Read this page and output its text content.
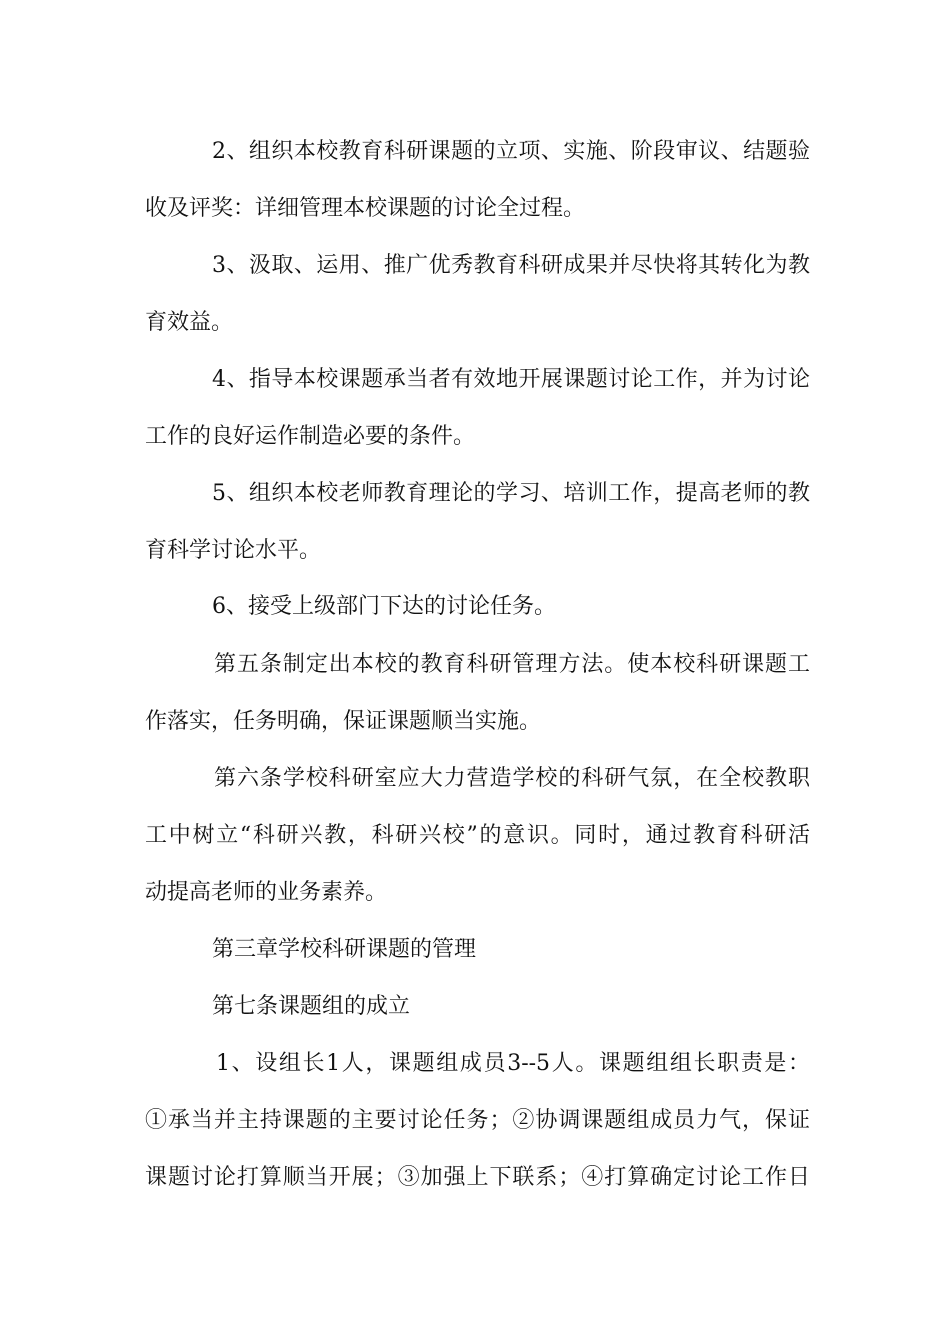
2、组织本校教育科研课题的立项、实施、阶段审议、结题验
收及评奖：详细管理本校课题的讨论全过程。
3、汲取、运用、推广优秀教育科研成果并尽快将其转化为教
育效益。
4、指导本校课题承当者有效地开展课题讨论工作，并为讨论
工作的良好运作制造必要的条件。
5、组织本校老师教育理论的学习、培训工作，提高老师的教
育科学讨论水平。
6、接受上级部门下达的讨论任务。
第五条制定出本校的教育科研管理方法。使本校科研课题工
作落实，任务明确，保证课题顺当实施。
第六条学校科研室应大力营造学校的科研气氛，在全校教职
工中树立“科研兴教，科研兴校”的意识。同时，通过教育科研活
动提高老师的业务素养。
第三章学校科研课题的管理
第七条课题组的成立
1、设组长1人，课题组成员3--5人。课题组组长职责是：
①承当并主持课题的主要讨论任务；②协调课题组成员力气，保证
课题讨论打算顺当开展；③加强上下联系；④打算确定讨论工作日
